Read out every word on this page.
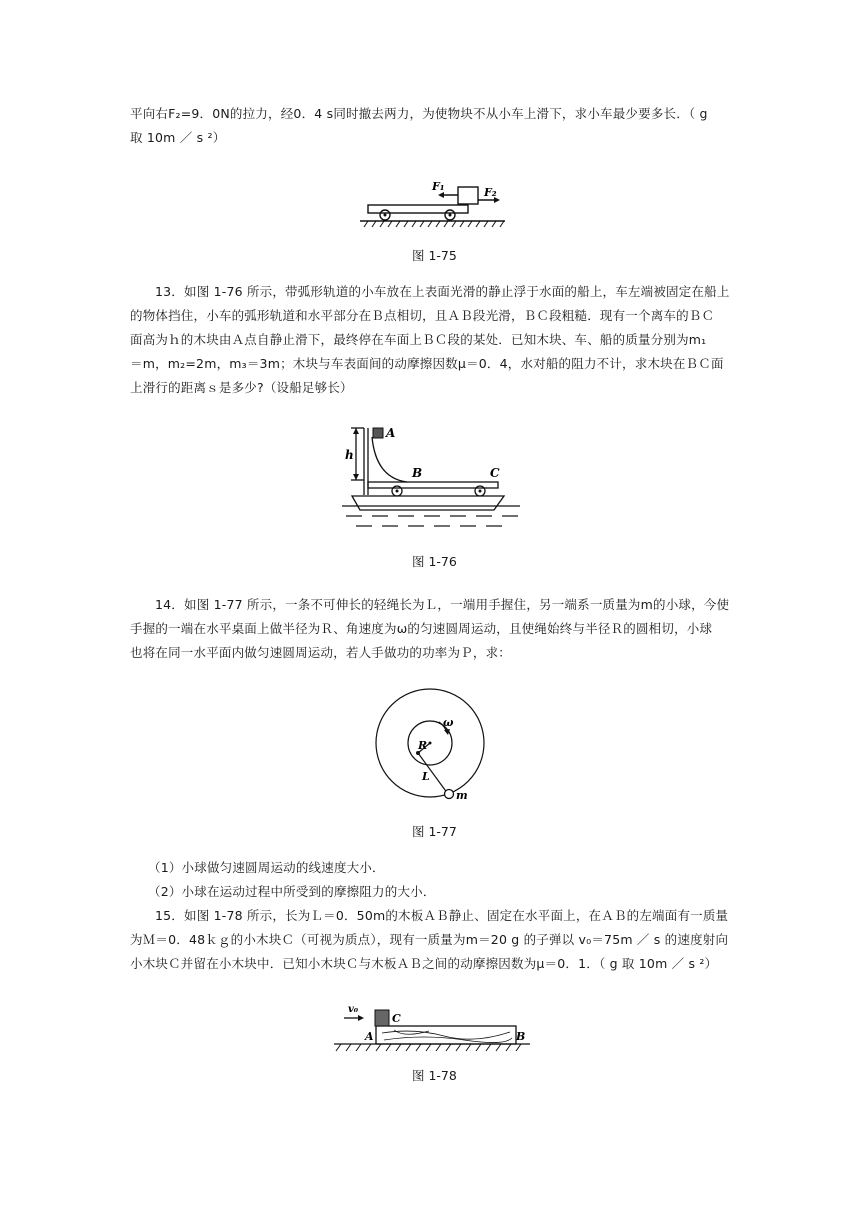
平向右F₂=9．0N的拉力，经0．4 s同时撤去两力，为使物块不从小车上滑下，求小车最少要多长．（ g
取 10m ／ s ²）
F₁	F₂
图 1-75
13．如图 1-76 所示，带弧形轨道的小车放在上表面光滑的静止浮于水面的船上，车左端被固定在船上
的物体挡住，小车的弧形轨道和水平部分在Ｂ点相切，且ＡＢ段光滑，ＢＣ段粗糙．现有一个离车的ＢＣ
面高为ｈ的木块由Ａ点自静止滑下，最终停在车面上ＢＣ段的某处．已知木块、车、船的质量分别为m₁
＝m，m₂=2m，m₃＝3m；木块与车表面间的动摩擦因数μ＝0．4，水对船的阻力不计，求木块在ＢＣ面
上滑行的距离ｓ是多少?（设船足够长）
A
h
B	C
图 1-76
14．如图 1-77 所示，一条不可伸长的轻绳长为Ｌ，一端用手握住，另一端系一质量为m的小球，今使
手握的一端在水平桌面上做半径为Ｒ、角速度为ω的匀速圆周运动，且使绳始终与半径Ｒ的圆相切，小球
也将在同一水平面内做匀速圆周运动，若人手做功的功率为Ｐ，求：
ω
R
L
m
图 1-77
（1）小球做匀速圆周运动的线速度大小．
（2）小球在运动过程中所受到的摩擦阻力的大小．
15．如图 1-78 所示，长为Ｌ＝0．50m的木板ＡＢ静止、固定在水平面上，在ＡＢ的左端面有一质量
为Ｍ＝0．48ｋｇ的小木块Ｃ（可视为质点），现有一质量为m＝20 g 的子弹以 v₀＝75m ／ s 的速度射向
小木块Ｃ并留在小木块中．已知小木块Ｃ与木板ＡＢ之间的动摩擦因数为μ＝0．1．（ g 取 10m ／ s ²）
v₀
A
C
B
图 1-78
